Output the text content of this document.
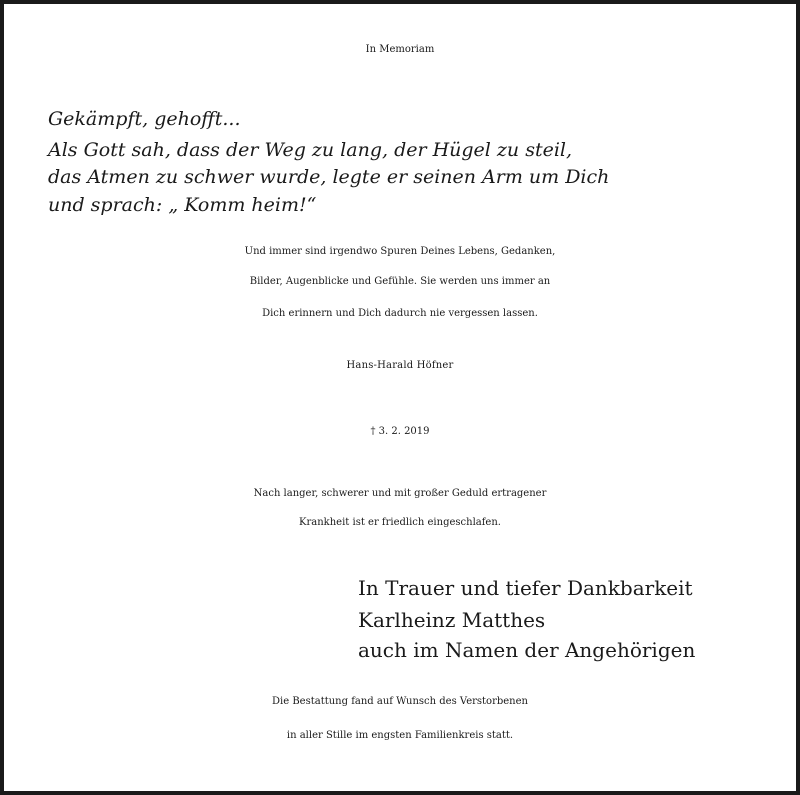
In Memoriam
Gekämpft, gehofft...
Als Gott sah, dass der Weg zu lang, der Hügel zu steil,
das Atmen zu schwer wurde, legte er seinen Arm um Dich
und sprach: „ Komm heim!“
Und immer sind irgendwo Spuren Deines Lebens, Gedanken,
Bilder, Augenblicke und Gefühle. Sie werden uns immer an
Dich erinnern und Dich dadurch nie vergessen lassen.
Hans-Harald Höfner
† 3. 2. 2019
Nach langer, schwerer und mit großer Geduld ertragener
Krankheit ist er friedlich eingeschlafen.
In Trauer und tiefer Dankbarkeit
Karlheinz Matthes
auch im Namen der Angehörigen
Die Bestattung fand auf Wunsch des Verstorbenen
in aller Stille im engsten Familienkreis statt.
